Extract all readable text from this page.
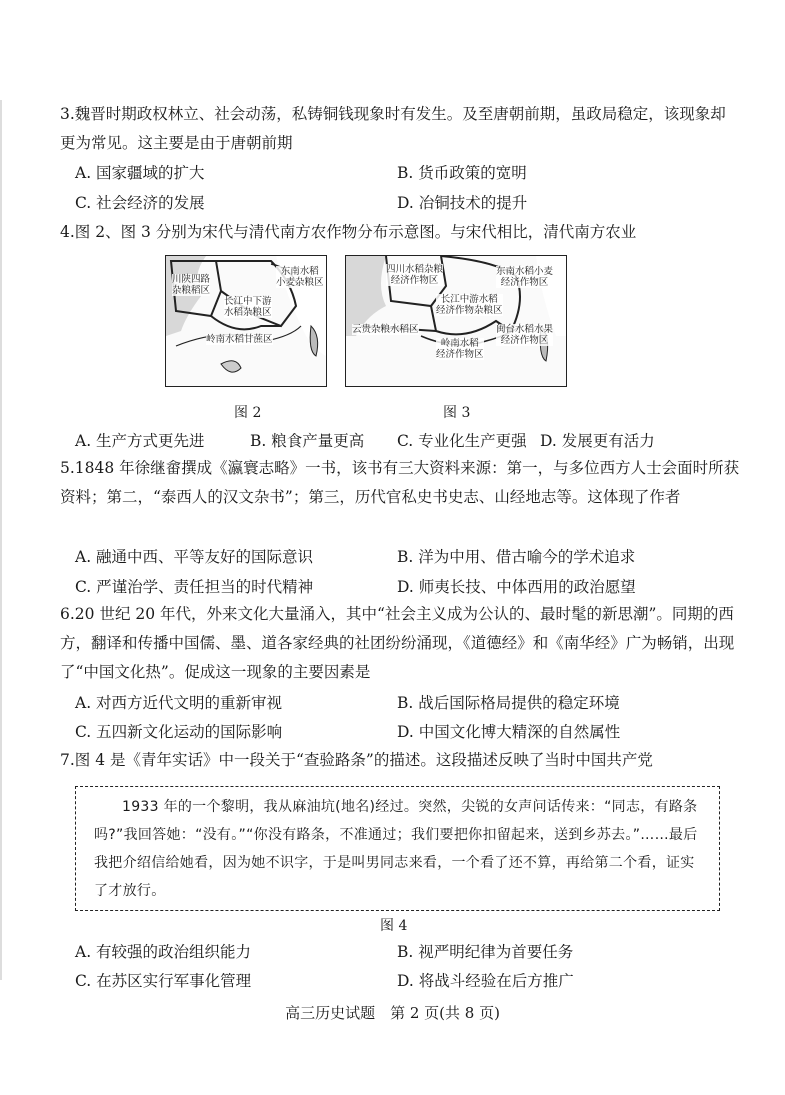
3.魏晋时期政权林立、社会动荡，私铸铜钱现象时有发生。及至唐朝前期，虽政局稳定，该现象却更为常见。这主要是由于唐朝前期
A. 国家疆域的扩大	B. 货币政策的宽明
C. 社会经济的发展	D. 冶铜技术的提升
4.图 2、图 3 分别为宋代与清代南方农作物分布示意图。与宋代相比，清代南方农业
川陕四路
杂粮稻区
东南水稻
小麦杂粮区
长江中下游
水稻杂粮区
岭南水稻甘蔗区
四川水稻杂粮
经济作物区
东南水稻小麦
经济作物区
长江中游水稻
经济作物杂粮区
云贵杂粮水稻区
岭南水稻
经济作物区
闽台水稻水果
经济作物区
图 2	图 3
A. 生产方式更先进	B. 粮食产量更高 C. 专业化生产更强 D. 发展更有活力
5.1848 年徐继畲撰成《瀛寰志略》一书，该书有三大资料来源：第一，与多位西方人士会面时所获资料；第二，“泰西人的汉文杂书”；第三，历代官私史书史志、山经地志等。这体现了作者
A. 融通中西、平等友好的国际意识	B. 洋为中用、借古喻今的学术追求
C. 严谨治学、责任担当的时代精神	D. 师夷长技、中体西用的政治愿望
6.20 世纪 20 年代，外来文化大量涌入，其中“社会主义成为公认的、最时髦的新思潮”。同期的西方，翻译和传播中国儒、墨、道各家经典的社团纷纷涌现，《道德经》和《南华经》广为畅销，出现了“中国文化热”。促成这一现象的主要因素是
A. 对西方近代文明的重新审视	B. 战后国际格局提供的稳定环境
C. 五四新文化运动的国际影响	D. 中国文化博大精深的自然属性
7.图 4 是《青年实话》中一段关于“查验路条”的描述。这段描述反映了当时中国共产党

1933 年的一个黎明，我从麻油坑(地名)经过。突然，尖锐的女声问话传来：“同志，有路条吗?”我回答她：“没有。”“你没有路条，不准通过；我们要把你扣留起来，送到乡苏去。”……最后我把介绍信给她看，因为她不识字，于是叫男同志来看，一个看了还不算，再给第二个看，证实了才放行。

图 4
A. 有较强的政治组织能力	B. 视严明纪律为首要任务
C. 在苏区实行军事化管理	D. 将战斗经验在后方推广
高三历史试题　第 2 页(共 8 页)
